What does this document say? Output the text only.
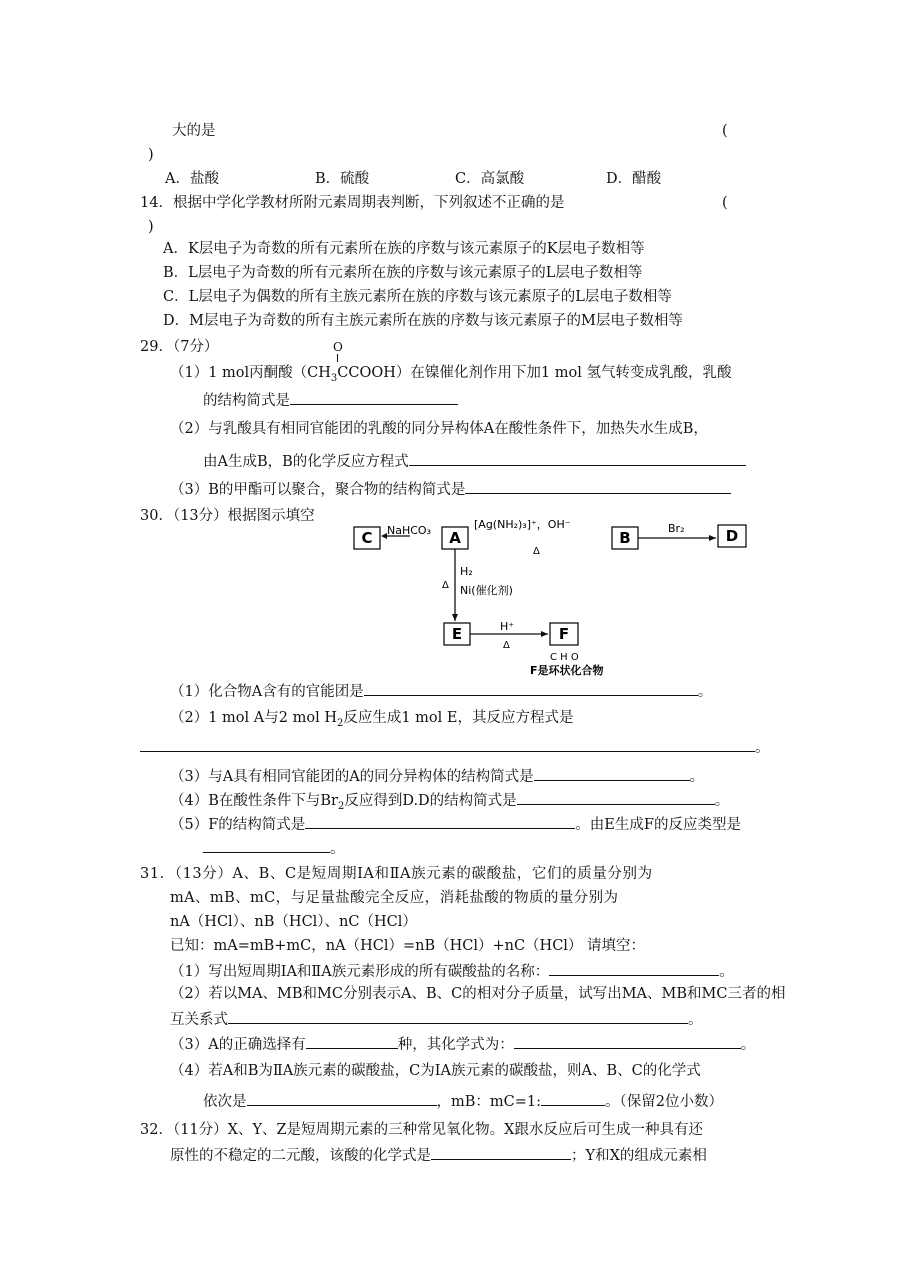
大的是	(
)
A．盐酸	B．硫酸	C．高氯酸	D．醋酸
14．根据中学化学教材所附元素周期表判断，下列叙述不正确的是	(
)
A．K层电子为奇数的所有元素所在族的序数与该元素原子的K层电子数相等
B．L层电子为奇数的所有元素所在族的序数与该元素原子的L层电子数相等
C．L层电子为偶数的所有主族元素所在族的序数与该元素原子的L层电子数相等
D．M层电子为奇数的所有主族元素所在族的序数与该元素原子的M层电子数相等
29．（7分）	O
（1）1 mol丙酮酸$(CH_3CCOOH)$在镍催化剂作用下加1 mol 氢气转变成乳酸，乳酸
的结构简式是
（2）与乳酸具有相同官能团的乳酸的同分异构体A在酸性条件下，加热失水生成B，
由A生成B，B的化学反应方程式
（3）B的甲酯可以聚合，聚合物的结构简式是
30．（13分）根据图示填空
C	A	B	D
E	F
NaHCO₃	[Ag(NH₂)₃]⁺，OH⁻
Δ
Br₂
H₂
Δ Ni(催化剂)
H⁺
Δ
C H O
F是环状化合物
（1）化合物A含有的官能团是	。
（2）1 mol A与2 mol $H_2$反应生成1 mol E，其反应方程式是
。
（3）与A具有相同官能团的A的同分异构体的结构简式是	。
（4）B在酸性条件下与$Br_2$反应得到D.D的结构简式是	。
（5）F的结构简式是	。由E生成F的反应类型是
。
31．（13分）A、B、C是短周期ⅠA和ⅡA族元素的碳酸盐，它们的质量分别为
mA、mB、mC，与足量盐酸完全反应，消耗盐酸的物质的量分别为
nA（HCl）、nB（HCl）、nC（HCl）
已知：mA=mB+mC，nA（HCl）=nB（HCl）+nC（HCl） 请填空：
（1）写出短周期ⅠA和ⅡA族元素形成的所有碳酸盐的名称：	。
（2）若以MA、MB和MC分别表示A、B、C的相对分子质量，试写出MA、MB和MC三者的相
互关系式	。
（3）A的正确选择有	种，其化学式为：	。
（4）若A和B为ⅡA族元素的碳酸盐，C为ⅠA族元素的碳酸盐，则A、B、C的化学式
依次是	，mB：mC=1:	。（保留2位小数）
32．（11分）X、Y、Z是短周期元素的三种常见氧化物。X跟水反应后可生成一种具有还
原性的不稳定的二元酸，该酸的化学式是	；Y和X的组成元素相
